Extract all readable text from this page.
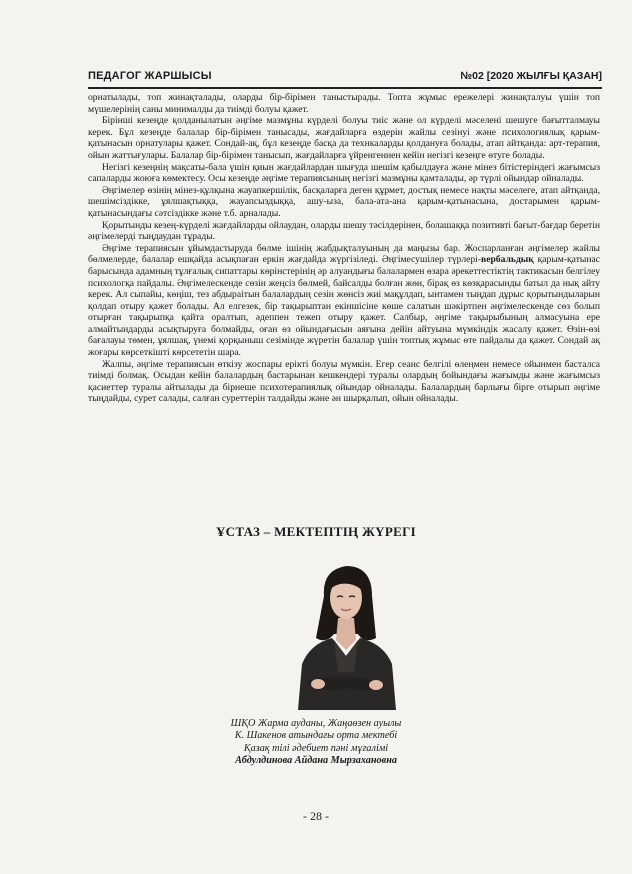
ПЕДАГОГ ЖАРШЫСЫ	№02 [2020 ЖЫЛҒЫ ҚАЗАН]

орнатылады, топ жинақталады, оларды бір-бірімен таныстырады. Топта жұмыс ережелері жинақталуы үшін топ мүшелерінің саны минималды да тиімді болуы қажет.

Бірінші кезеңде қолданылатын әңгіме мазмұны күрделі болуы тиіс және ол күрделі мәселені шешуге бағытталмауы керек. Бұл кезеңде балалар бір-бірімен танысады, жағдайларға өздерін жайлы сезінуі және психологиялық қарым-қатынасын орнатулары қажет. Сондай-ақ, бұл кезеңде басқа да технкаларды қолдануға болады, атап айтқанда: арт-терапия, ойын жаттығулары. Балалар бір-бірімен танысып, жағдайларға үйренгеннен кейін негізгі кезеңге өтуге болады.

Негізгі кезеңнің мақсаты-бала үшін қиын жағдайлардан шығуда шешім қабылдауға және мінез бітістеріндегі жағымсыз сапаларды жоюға көмектесу. Осы кезеңде әңгіме терапиясының негізгі мазмұны қамталады, әр түрлі ойындар ойналады.

Әңгімелер өзінің мінез-құлқына жауапкершілік, басқаларға деген құрмет, достық немесе нақты мәселеге, атап айтқанда, шешімсіздікке, ұялшақтыққа, жауапсыздыққа, ашу-ыза, бала-ата-ана қарым-қатынасына, достарымен қарым-қатынасындағы сәтсіздікке және т.б. арналады.

Қорытынды кезең-күрделі жағдайларды ойлаудан, оларды шешу тәсілдерінен, болашаққа позитивті бағыт-бағдар беретін әңгімелерді тыңдаудан тұрады.

Әңгіме терапиясын ұйымдастыруда бөлме ішінің жабдықталуының да маңызы бар. Жоспарланған әңгімелер жайлы бөлмелерде, балалар ешқайда асықпаған еркін жағдайда жүргізіледі. Әңгімесушілер түрлері-вербальдық қарым-қатынас барысында адамның тұлғалық сипаттары көрінстерінің әр алуандығы балалармен өзара әрекеттестіктің тактикасын белгілеу психологқа пайдалы. Әңгімелескенде сөзін жеңсіз бөлмей, байсалды болған жөн, бірақ өз көзқарасынды батыл да нық айту керек. Ал сыпайы, көңіш, тез абдыраітын балалардың сезін жөнсіз жиі мақұлдап, ынтамен тыңдап дұрыс қорытындыларын қолдап отыру қажет болады. Ал елгезек, бір тақырыптан екіншісіне көше салатын шәкіртпен әңгімелескенде сөз болып отырған тақырыпқа қайта оралтып, әдеппен тежеп отыру қажет. Салбыр, әңгіме тақырыбының алмасуына ере алмайтындарды асықтыруға болмайды, оған өз ойындағысын аяғына дейін айтуына мүмкіндік жасалу қажет. Өзін-өзі бағалауы төмен, ұялшақ, үнемі қорқыныш сезімінде жүретін балалар үшін топтық жұмыс өте пайдалы да қажет. Сондай ақ жоғары көрсеткішті көрсететін шара.

Жалпы, әңгіме терапиясын өткізу жоспары ерікті болуы мүмкін. Егер сеанс белгілі өлеңмен немесе ойынмен басталса тиімді болмақ. Осыдан кейін балалардың бастарынан кешкендері туралы олардың бойындағы жағымды және жағымсыз қасиеттер туралы айтылады да бірнеше психотерапиялық ойындар ойналады. Балалардың барлығы бірге отырып әңгіме тыңдайды, сурет салады, салған суреттерін талдайды және ән шырқалып, ойын ойналады.

ҰСТАЗ – МЕКТЕПТІҢ ЖҮРЕГІ
ШҚО Жарма ауданы, Жаңаөзен ауылы
К. Шакенов атындағы орта мектебі
Қазақ тілі әдебиет пәні мұғалімі
Абдулдинова Айдана Мырзахановна
- 28 -
